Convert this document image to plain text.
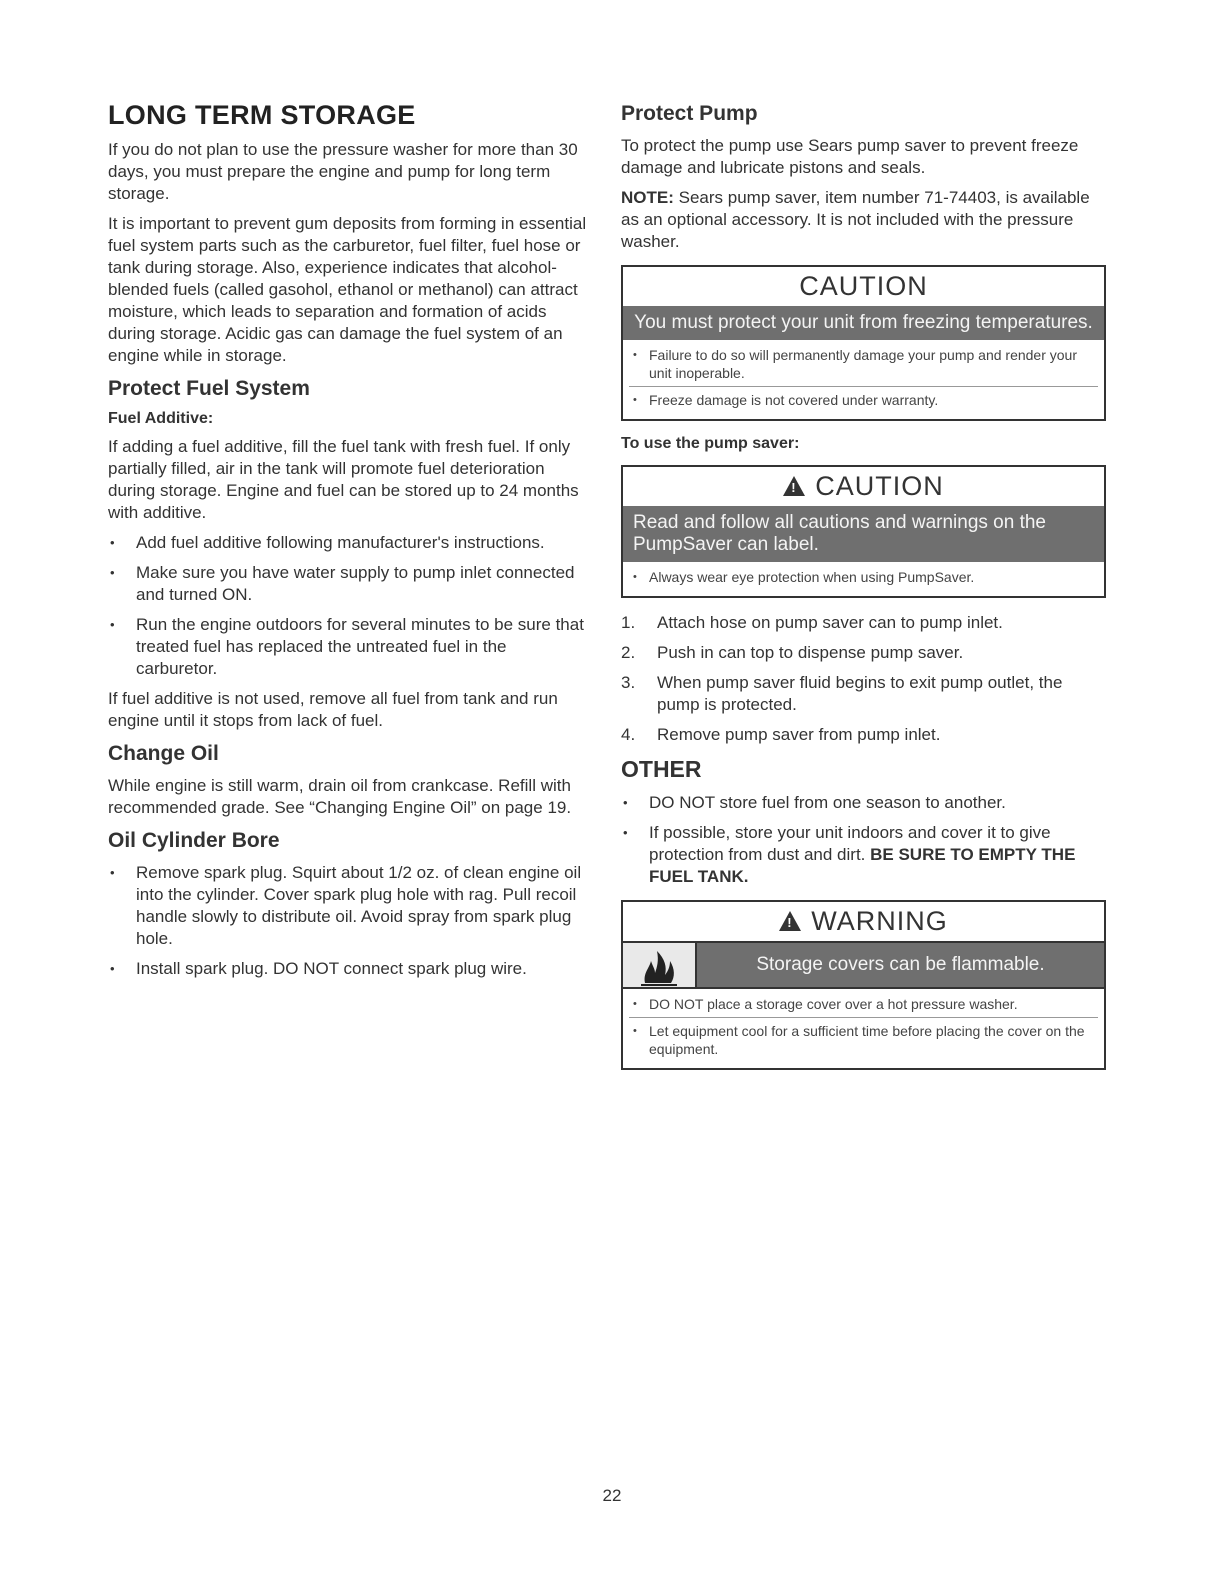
LONG TERM STORAGE

If you do not plan to use the pressure washer for more than 30 days, you must prepare the engine and pump for long term storage.

It is important to prevent gum deposits from forming in essential fuel system parts such as the carburetor, fuel filter, fuel hose or tank during storage. Also, experience indicates that alcohol-blended fuels (called gasohol, ethanol or methanol) can attract moisture, which leads to separation and formation of acids during storage. Acidic gas can damage the fuel system of an engine while in storage.

Protect Fuel System
Fuel Additive:

If adding a fuel additive, fill the fuel tank with fresh fuel. If only partially filled, air in the tank will promote fuel deterioration during storage. Engine and fuel can be stored up to 24 months with additive.

• Add fuel additive following manufacturer's instructions.
• Make sure you have water supply to pump inlet connected and turned ON.
• Run the engine outdoors for several minutes to be sure that treated fuel has replaced the untreated fuel in the carburetor.

If fuel additive is not used, remove all fuel from tank and run engine until it stops from lack of fuel.

Change Oil

While engine is still warm, drain oil from crankcase. Refill with recommended grade. See “Changing Engine Oil” on page 19.

Oil Cylinder Bore
• Remove spark plug. Squirt about 1/2 oz. of clean engine oil into the cylinder. Cover spark plug hole with rag. Pull recoil handle slowly to distribute oil. Avoid spray from spark plug hole.
• Install spark plug. DO NOT connect spark plug wire.
Protect Pump

To protect the pump use Sears pump saver to prevent freeze damage and lubricate pistons and seals.

NOTE: Sears pump saver, item number 71-74403, is available as an optional accessory. It is not included with the pressure washer.

CAUTION
You must protect your unit from freezing temperatures.
• Failure to do so will permanently damage your pump and render your unit inoperable.
• Freeze damage is not covered under warranty.
To use the pump saver:
! CAUTION
Read and follow all cautions and warnings on the PumpSaver can label.
• Always wear eye protection when using PumpSaver.
1. Attach hose on pump saver can to pump inlet.
2. Push in can top to dispense pump saver.
3. When pump saver fluid begins to exit pump outlet, the pump is protected.
4. Remove pump saver from pump inlet.
OTHER
• DO NOT store fuel from one season to another.
• If possible, store your unit indoors and cover it to give protection from dust and dirt. BE SURE TO EMPTY THE FUEL TANK.
! WARNING
Storage covers can be flammable.
• DO NOT place a storage cover over a hot pressure washer.
• Let equipment cool for a sufficient time before placing the cover on the equipment.
22
